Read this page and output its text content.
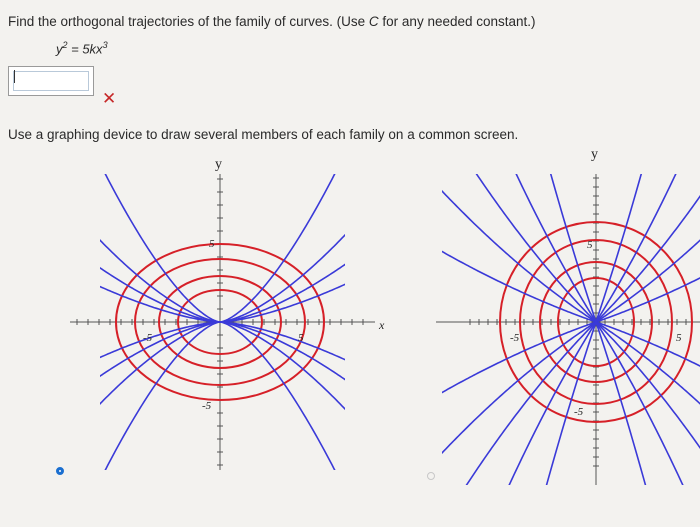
Find the orthogonal trajectories of the family of curves. (Use C for any needed constant.)
$y^2 = 5kx^3$
✕
Use a graphing device to draw several members of each family on a common screen.
y
x
-5	5
5
-5
y
-5	5
5
-5
